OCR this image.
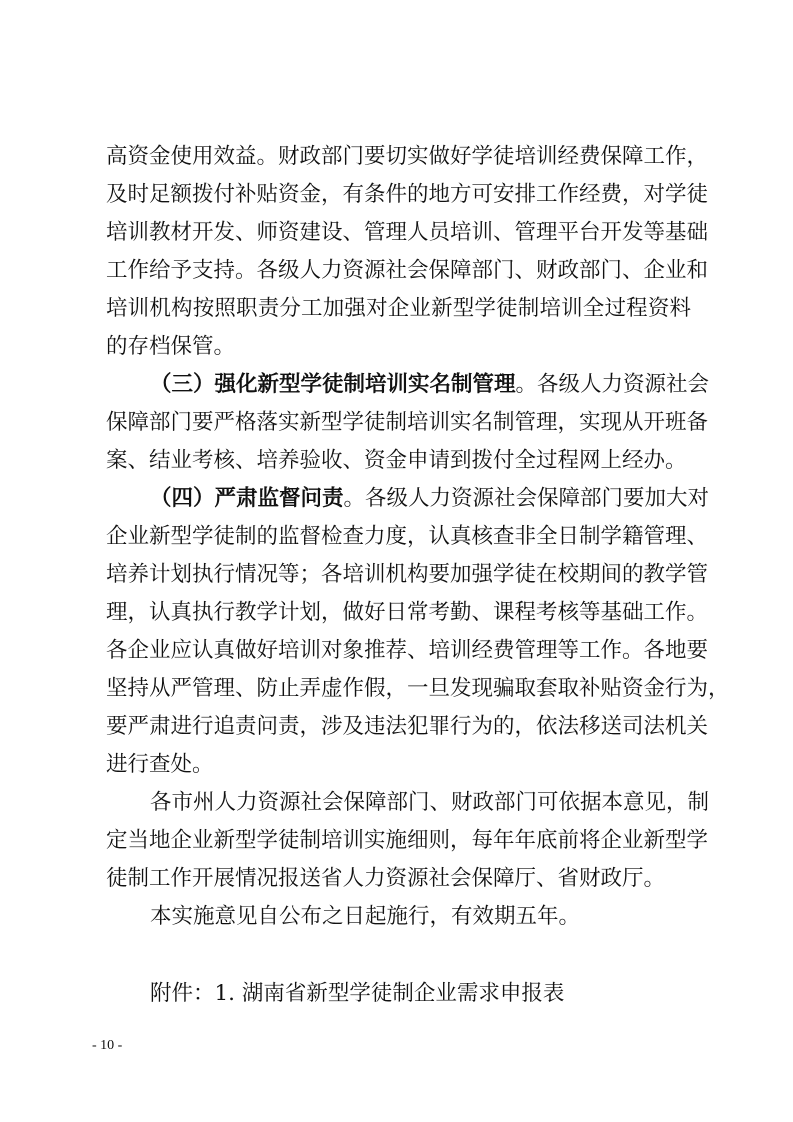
高资金使用效益。财政部门要切实做好学徒培训经费保障工作，
及时足额拨付补贴资金，有条件的地方可安排工作经费，对学徒
培训教材开发、师资建设、管理人员培训、管理平台开发等基础
工作给予支持。各级人力资源社会保障部门、财政部门、企业和
培训机构按照职责分工加强对企业新型学徒制培训全过程资料
的存档保管。
（三）强化新型学徒制培训实名制管理。各级人力资源社会
保障部门要严格落实新型学徒制培训实名制管理，实现从开班备
案、结业考核、培养验收、资金申请到拨付全过程网上经办。
（四）严肃监督问责。各级人力资源社会保障部门要加大对
企业新型学徒制的监督检查力度，认真核查非全日制学籍管理、
培养计划执行情况等；各培训机构要加强学徒在校期间的教学管
理，认真执行教学计划，做好日常考勤、课程考核等基础工作。
各企业应认真做好培训对象推荐、培训经费管理等工作。各地要
坚持从严管理、防止弄虚作假，一旦发现骗取套取补贴资金行为，
要严肃进行追责问责，涉及违法犯罪行为的，依法移送司法机关
进行查处。
各市州人力资源社会保障部门、财政部门可依据本意见，制
定当地企业新型学徒制培训实施细则，每年年底前将企业新型学
徒制工作开展情况报送省人力资源社会保障厅、省财政厅。
本实施意见自公布之日起施行，有效期五年。
附件：1. 湖南省新型学徒制企业需求申报表
- 10 -
